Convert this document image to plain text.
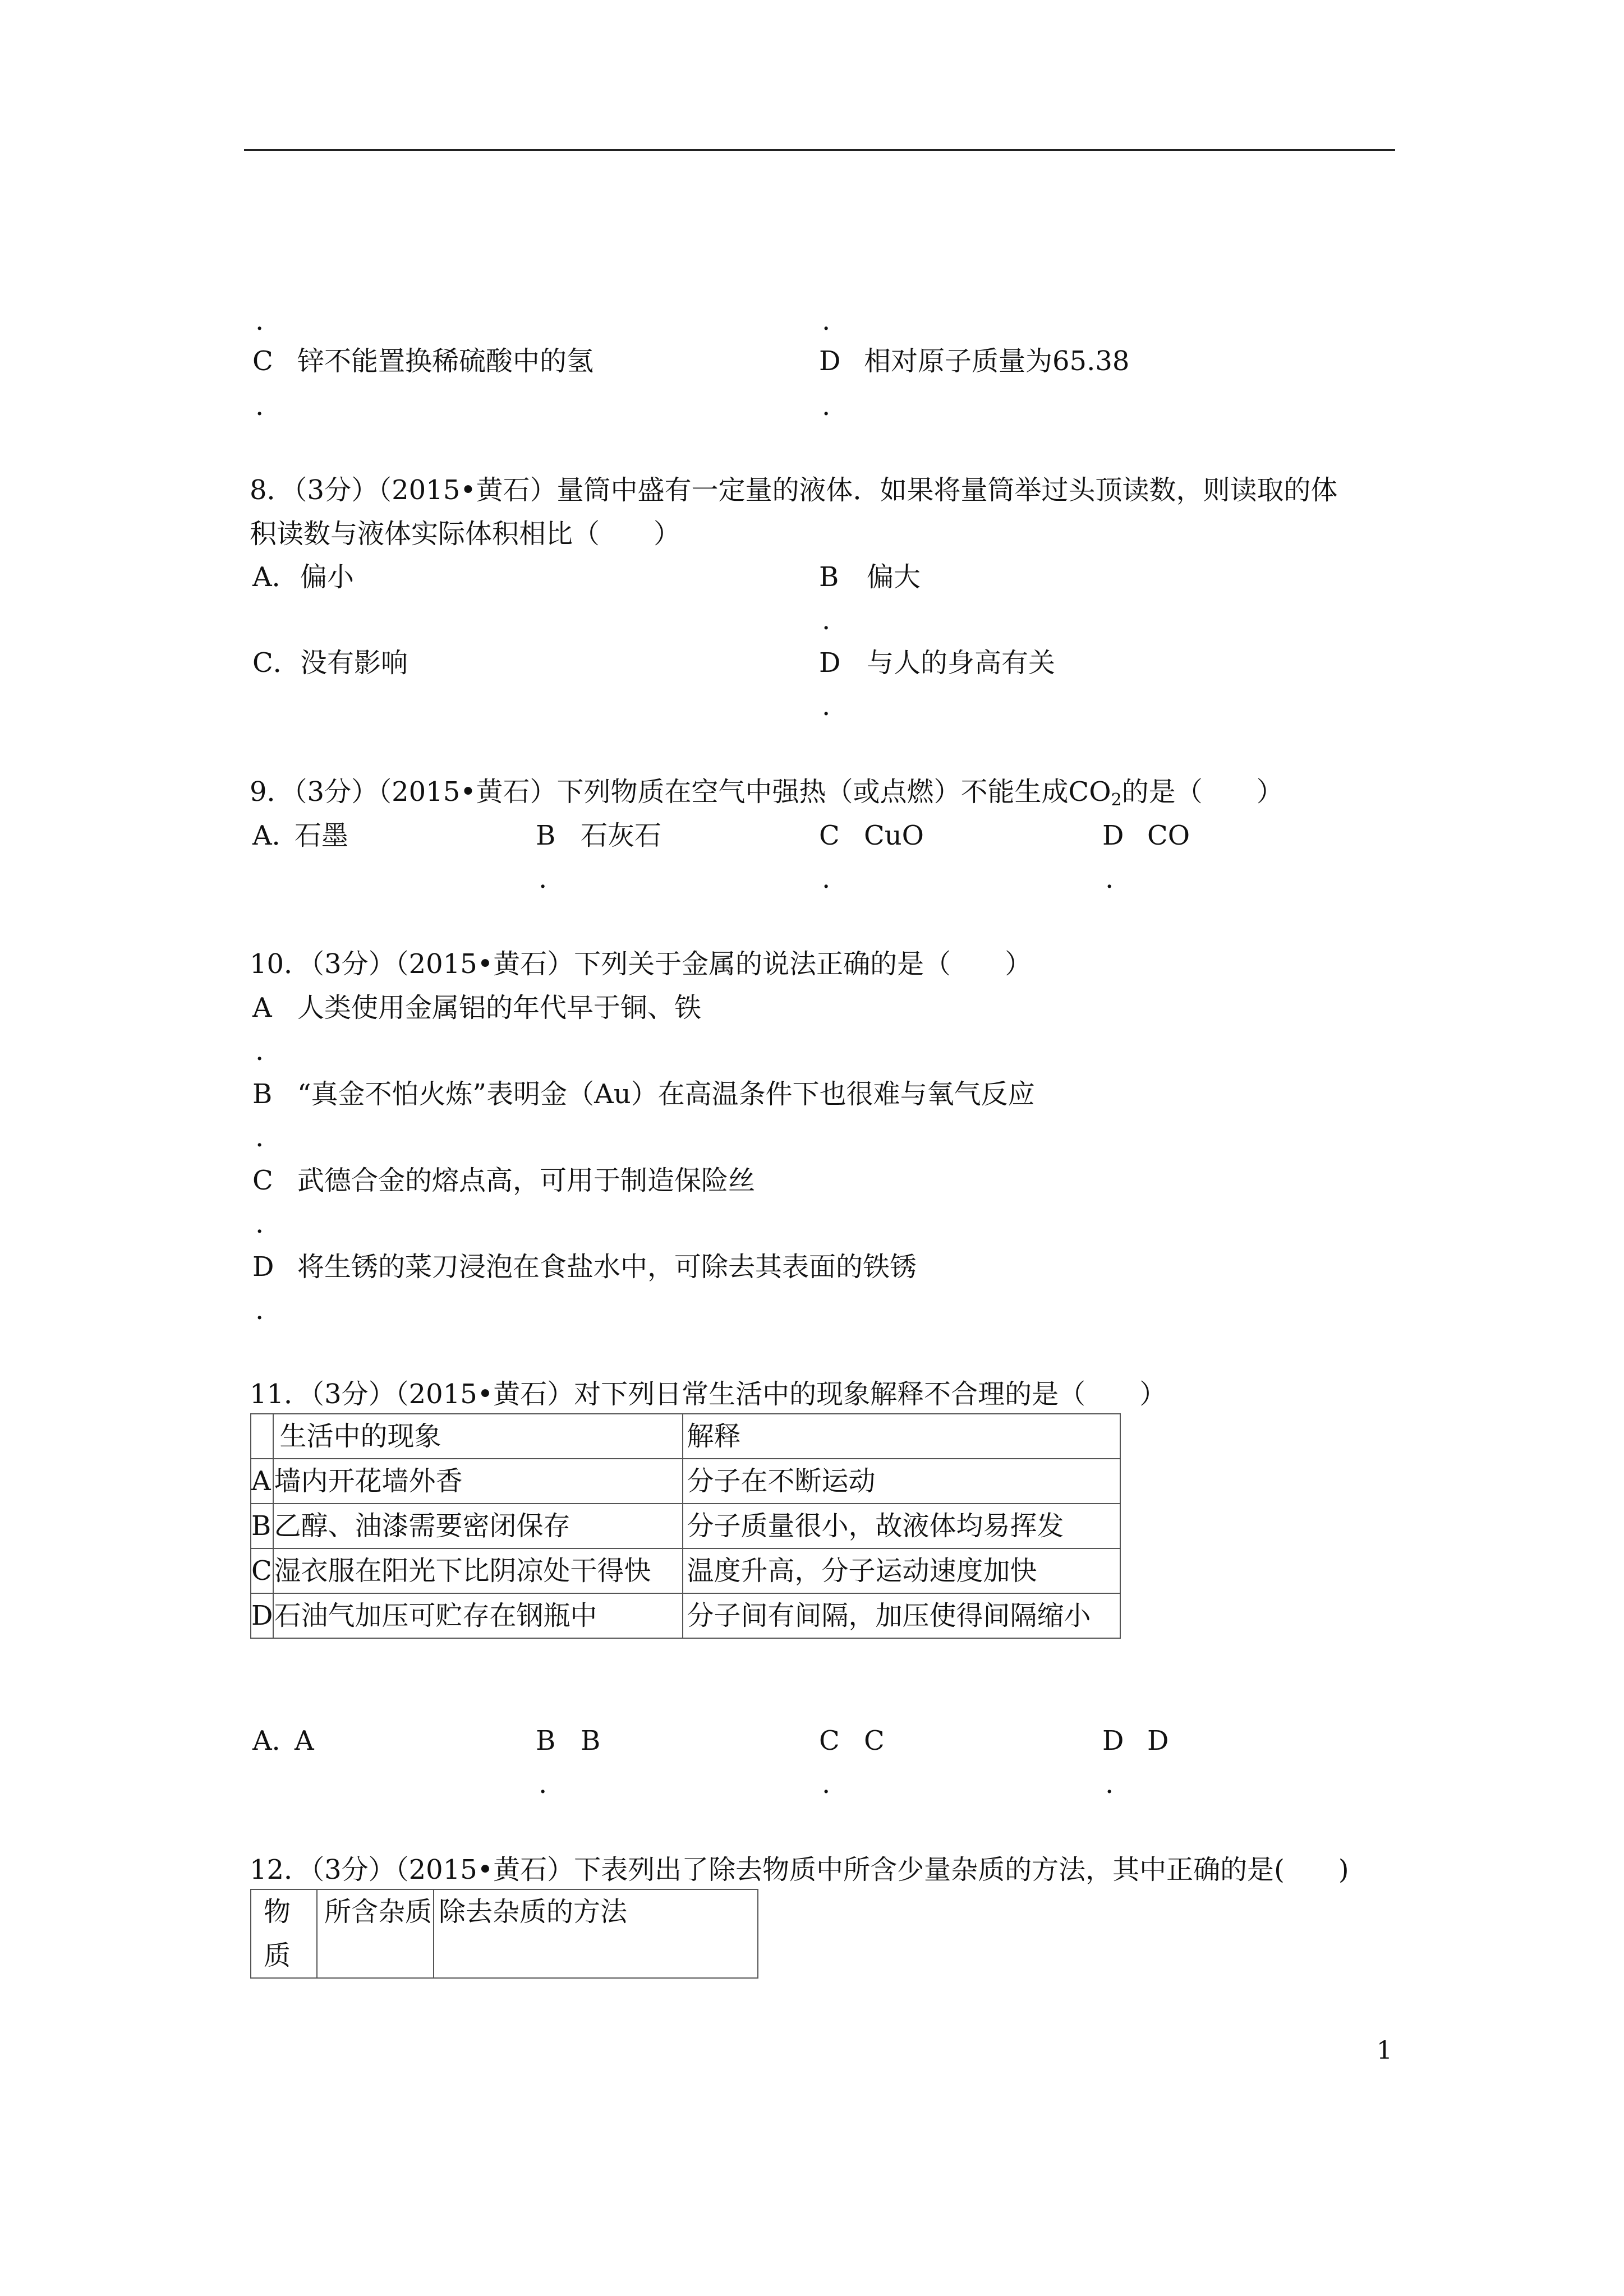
.	.
C 锌不能置换稀硫酸中的氢	D 相对原子质量为65.38
.	.
8．（3分）（2015•黄石）量筒中盛有一定量的液体．如果将量筒举过头顶读数，则读取的体
积读数与液体实际体积相比（　　）
A． 偏小	B 偏大
.
C． 没有影响	D 与人的身高有关
.
9．（3分）（2015•黄石）下列物质在空气中强热（或点燃）不能生成$CO_2$的是（　　）
A．
石墨	B 石灰石	C CuO	D CO
.	.	.
10．（3分）（2015•黄石）下列关于金属的说法正确的是（　　）
A 人类使用金属铝的年代早于铜、铁
.
B “真金不怕火炼”表明金（Au）在高温条件下也很难与氧气反应
.
C 武德合金的熔点高，可用于制造保险丝
.
D 将生锈的菜刀浸泡在食盐水中，可除去其表面的铁锈
.
11．（3分）（2015•黄石）对下列日常生活中的现象解释不合理的是（　　）
	生活中的现象	解释
A	墙内开花墙外香	分子在不断运动
B	乙醇、油漆需要密闭保存	分子质量很小，故液体均易挥发
C	湿衣服在阳光下比阴凉处干得快	温度升高，分子运动速度加快
D	石油气加压可贮存在钢瓶中	分子间有间隔，加压使得间隔缩小
A．
A	B B	C C	D D
.	.	.
12．（3分）（2015•黄石）下表列出了除去物质中所含少量杂质的方法，其中正确的是(　　)
物质	所含杂质	除去杂质的方法
1
